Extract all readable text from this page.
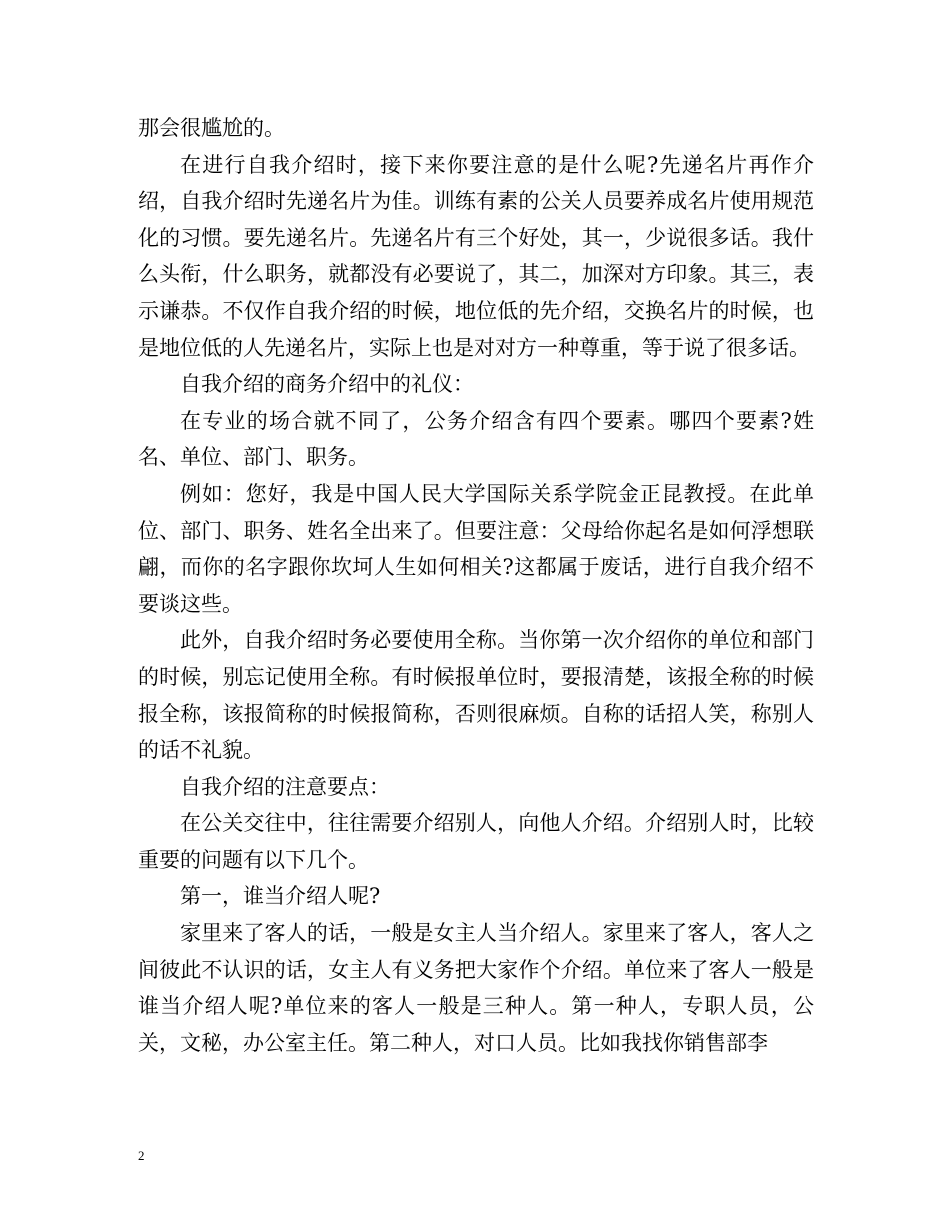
那会很尴尬的。

在进行自我介绍时，接下来你要注意的是什么呢?先递名片再作介绍，自我介绍时先递名片为佳。训练有素的公关人员要养成名片使用规范化的习惯。要先递名片。先递名片有三个好处，其一，少说很多话。我什么头衔，什么职务，就都没有必要说了，其二，加深对方印象。其三，表示谦恭。不仅作自我介绍的时候，地位低的先介绍，交换名片的时候，也是地位低的人先递名片，实际上也是对对方一种尊重，等于说了很多话。

自我介绍的商务介绍中的礼仪：

在专业的场合就不同了，公务介绍含有四个要素。哪四个要素?姓名、单位、部门、职务。

例如：您好，我是中国人民大学国际关系学院金正昆教授。在此单位、部门、职务、姓名全出来了。但要注意：父母给你起名是如何浮想联翩，而你的名字跟你坎坷人生如何相关?这都属于废话，进行自我介绍不要谈这些。

此外，自我介绍时务必要使用全称。当你第一次介绍你的单位和部门的时候，别忘记使用全称。有时候报单位时，要报清楚，该报全称的时候报全称，该报简称的时候报简称，否则很麻烦。自称的话招人笑，称别人的话不礼貌。

自我介绍的注意要点：

在公关交往中，往往需要介绍别人，向他人介绍。介绍别人时，比较重要的问题有以下几个。

第一，谁当介绍人呢?

家里来了客人的话，一般是女主人当介绍人。家里来了客人，客人之间彼此不认识的话，女主人有义务把大家作个介绍。单位来了客人一般是谁当介绍人呢?单位来的客人一般是三种人。第一种人，专职人员，公关，文秘，办公室主任。第二种人，对口人员。比如我找你销售部李

2
